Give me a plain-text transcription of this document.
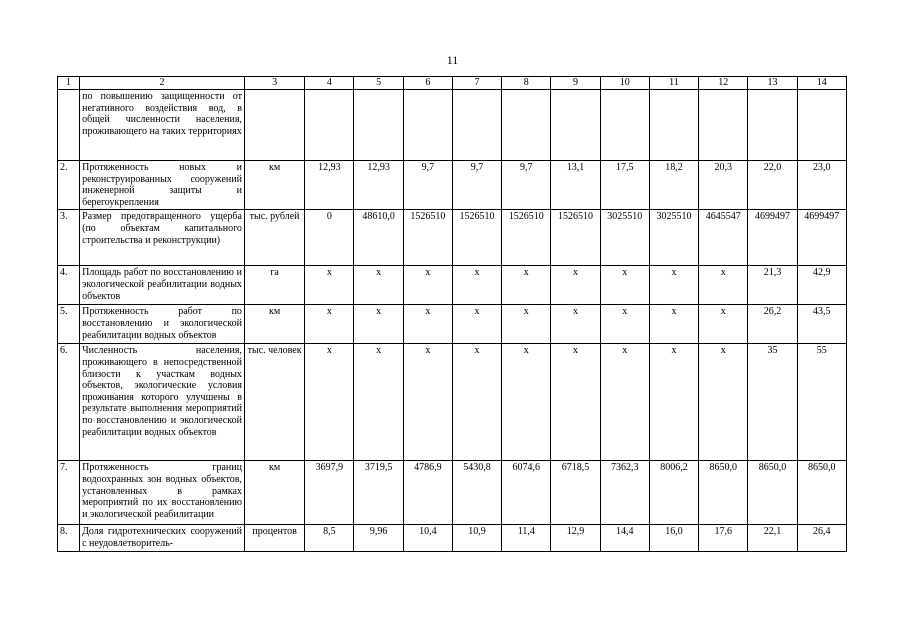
11
1	2	3	4	5	6	7	8	9	10	11	12	13	14
	по повышению защищенности от негативного воздействия вод, в общей численности населения, проживающего на таких территориях												
2.	Протяженность новых и реконструированных сооружений инженерной защиты и берегоукрепления	км	12,93	12,93	9,7	9,7	9,7	13,1	17,5	18,2	20,3	22,0	23,0
3.	Размер предотвращенного ущерба (по объектам капитального строительства и реконструкции)	тыс. рублей	0	48610,0	1526510	1526510	1526510	1526510	3025510	3025510	4645547	4699497	4699497
4.	Площадь работ по восстановлению и экологической реабилитации водных объектов	га	х	х	х	х	х	х	х	х	х	21,3	42,9
5.	Протяженность работ по восстановлению и экологической реабилитации водных объектов	км	х	х	х	х	х	х	х	х	х	26,2	43,5
6.	Численность населения, проживающего в непосредственной близости к участкам водных объектов, экологические условия проживания которого улучшены в результате выполнения мероприятий по восстановлению и экологической реабилитации водных объектов	тыс. человек	х	х	х	х	х	х	х	х	х	35	55
7.	Протяженность границ водоохранных зон водных объектов, установленных в рамках мероприятий по их восстановлению и экологической реабилитации	км	3697,9	3719,5	4786,9	5430,8	6074,6	6718,5	7362,3	8006,2	8650,0	8650,0	8650,0
8.	Доля гидротехнических сооружений с неудовлетворитель-	процентов	8,5	9,96	10,4	10,9	11,4	12,9	14,4	16,0	17,6	22,1	26,4
